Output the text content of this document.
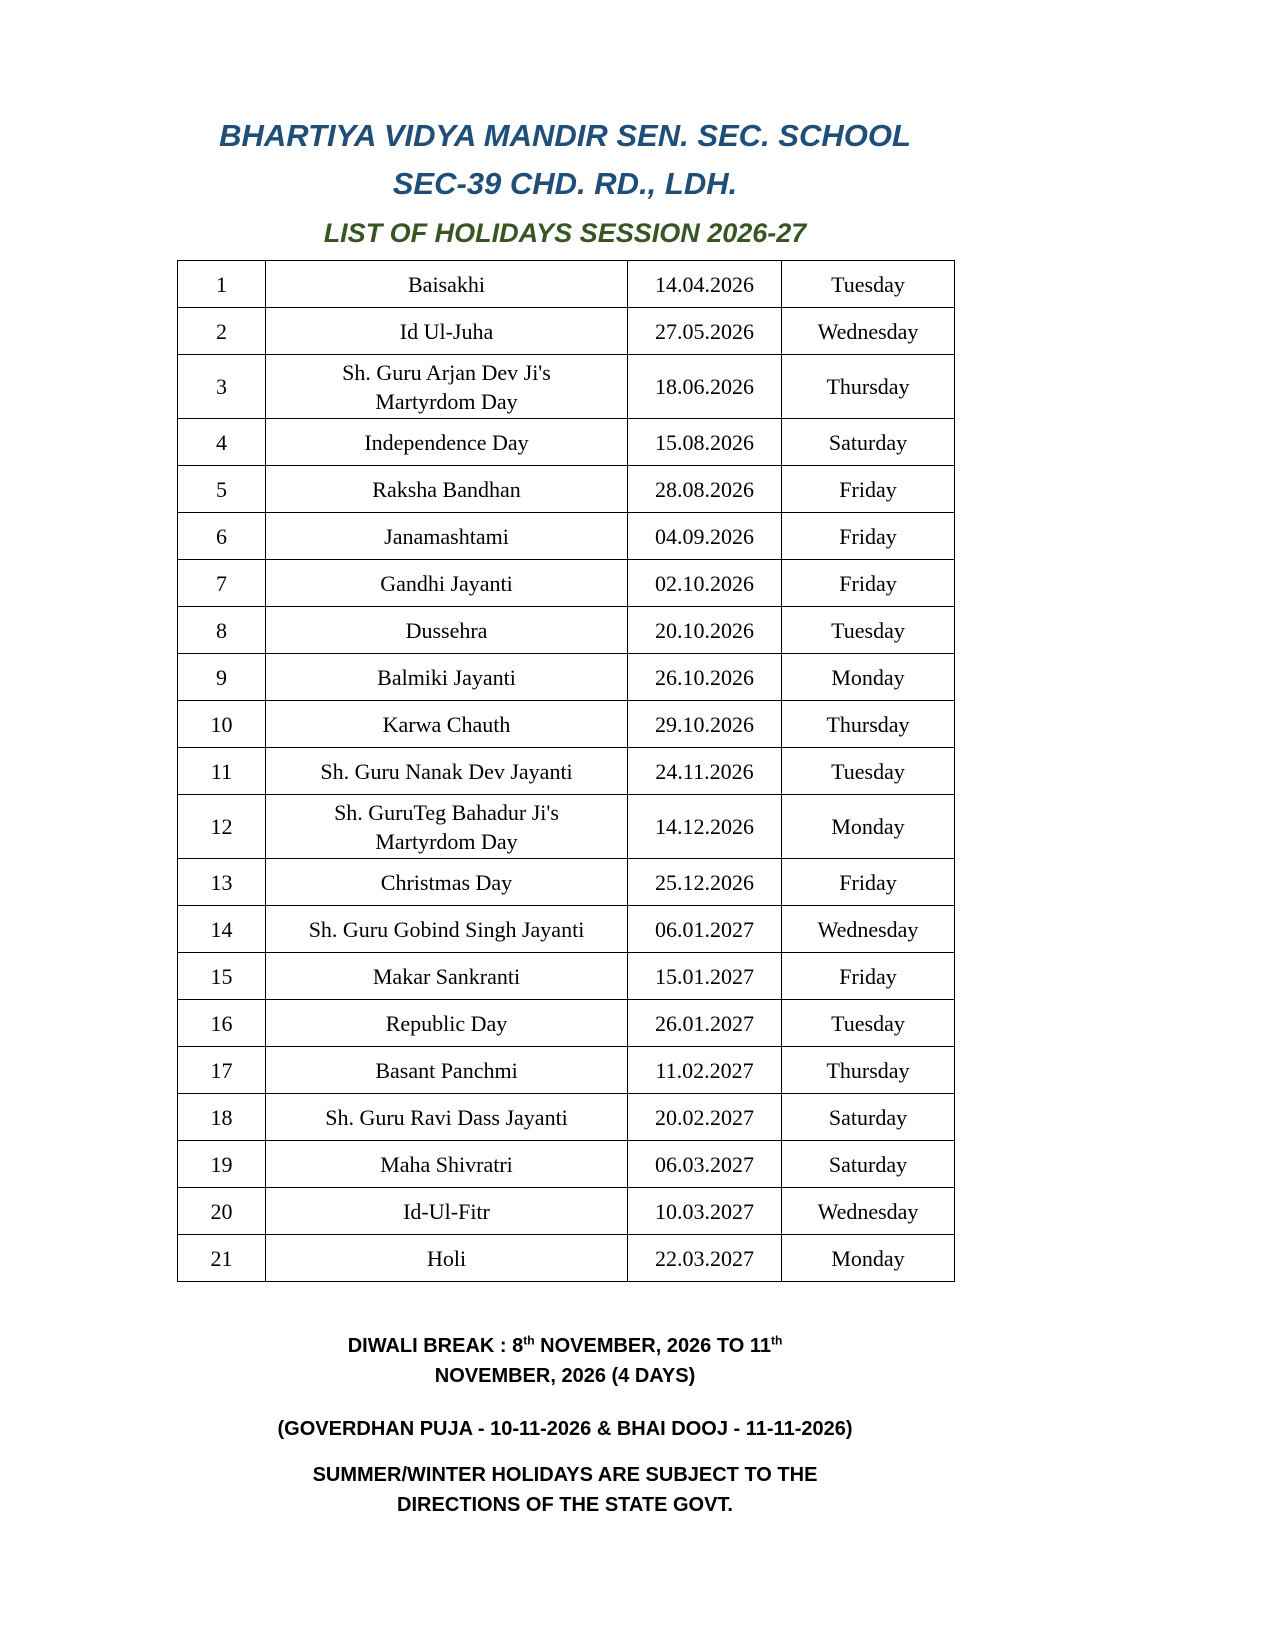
BHARTIYA VIDYA MANDIR SEN. SEC. SCHOOL
SEC-39 CHD. RD., LDH.
LIST OF HOLIDAYS SESSION 2026-27
1	Baisakhi	14.04.2026	Tuesday
2	Id Ul-Juha	27.05.2026	Wednesday
3	Sh. Guru Arjan Dev Ji's
Martyrdom Day	18.06.2026	Thursday
4	Independence Day	15.08.2026	Saturday
5	Raksha Bandhan	28.08.2026	Friday
6	Janamashtami	04.09.2026	Friday
7	Gandhi Jayanti	02.10.2026	Friday
8	Dussehra	20.10.2026	Tuesday
9	Balmiki Jayanti	26.10.2026	Monday
10	Karwa Chauth	29.10.2026	Thursday
11	Sh. Guru Nanak Dev Jayanti	24.11.2026	Tuesday
12	Sh. GuruTeg Bahadur Ji's
Martyrdom Day	14.12.2026	Monday
13	Christmas Day	25.12.2026	Friday
14	Sh. Guru Gobind Singh Jayanti	06.01.2027	Wednesday
15	Makar Sankranti	15.01.2027	Friday
16	Republic Day	26.01.2027	Tuesday
17	Basant Panchmi	11.02.2027	Thursday
18	Sh. Guru Ravi Dass Jayanti	20.02.2027	Saturday
19	Maha Shivratri	06.03.2027	Saturday
20	Id-Ul-Fitr	10.03.2027	Wednesday
21	Holi	22.03.2027	Monday
DIWALI BREAK : 8th NOVEMBER, 2026 TO 11th
NOVEMBER, 2026 (4 DAYS)
(GOVERDHAN PUJA - 10-11-2026 & BHAI DOOJ - 11-11-2026)
SUMMER/WINTER HOLIDAYS ARE SUBJECT TO THE
DIRECTIONS OF THE STATE GOVT.
